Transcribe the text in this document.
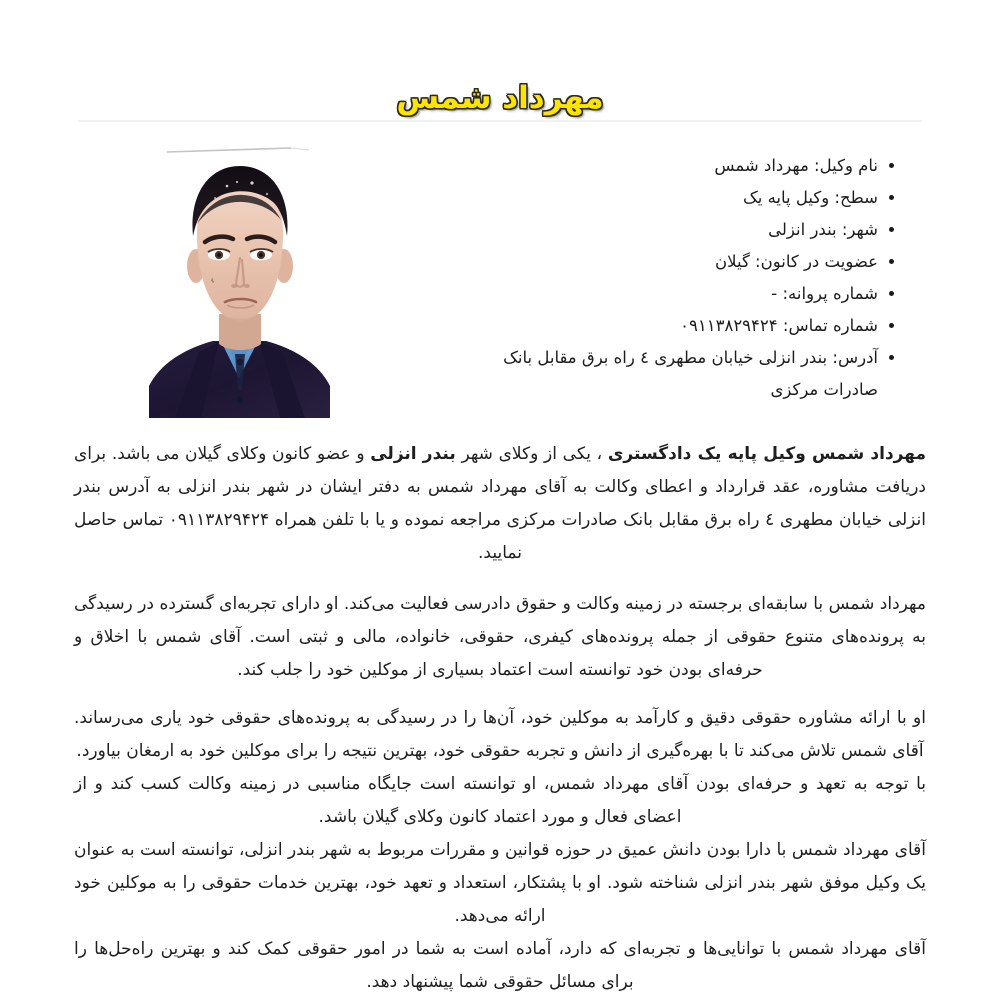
مهرداد شمس
نام وکیل: مهرداد شمس
سطح: وکیل پایه یک
شهر: بندر انزلی
عضویت در کانون: گیلان
شماره پروانه: -
شماره تماس: ۰۹۱۱۳۸۲۹۴۲۴
آدرس: بندر انزلی خیابان مطهری ٤ راه برق مقابل بانک صادرات مرکزی

مهرداد شمس وکیل پایه یک دادگستری ، یکی از وکلای شهر بندر انزلی و عضو کانون وکلای گیلان می باشد. برای دریافت مشاوره، عقد قرارداد و اعطای وکالت به آقای مهرداد شمس به دفتر ایشان در شهر بندر انزلی به آدرس بندر انزلی خیابان مطهری ٤ راه برق مقابل بانک صادرات مرکزی مراجعه نموده و یا با تلفن همراه ۰۹۱۱۳۸۲۹۴۲۴ تماس حاصل نمایید.

مهرداد شمس با سابقه‌ای برجسته در زمینه وکالت و حقوق دادرسی فعالیت می‌کند. او دارای تجربه‌ای گسترده در رسیدگی به پرونده‌های متنوع حقوقی از جمله پرونده‌های کیفری، حقوقی، خانواده، مالی و ثبتی است. آقای شمس با اخلاق و حرفه‌ای بودن خود توانسته است اعتماد بسیاری از موکلین خود را جلب کند.

او با ارائه مشاوره حقوقی دقیق و کارآمد به موکلین خود، آن‌ها را در رسیدگی به پرونده‌های حقوقی خود یاری می‌رساند. آقای شمس تلاش می‌کند تا با بهره‌گیری از دانش و تجربه حقوقی خود، بهترین نتیجه را برای موکلین خود به ارمغان بیاورد.

با توجه به تعهد و حرفه‌ای بودن آقای مهرداد شمس، او توانسته است جایگاه مناسبی در زمینه وکالت کسب کند و از اعضای فعال و مورد اعتماد کانون وکلای گیلان باشد.

آقای مهرداد شمس با دارا بودن دانش عمیق در حوزه قوانین و مقررات مربوط به شهر بندر انزلی، توانسته است به عنوان یک وکیل موفق شهر بندر انزلی شناخته شود. او با پشتکار، استعداد و تعهد خود، بهترین خدمات حقوقی را به موکلین خود ارائه می‌دهد.

آقای مهرداد شمس با توانایی‌ها و تجربه‌ای که دارد، آماده است به شما در امور حقوقی کمک کند و بهترین راه‌حل‌ها را برای مسائل حقوقی شما پیشنهاد دهد.
